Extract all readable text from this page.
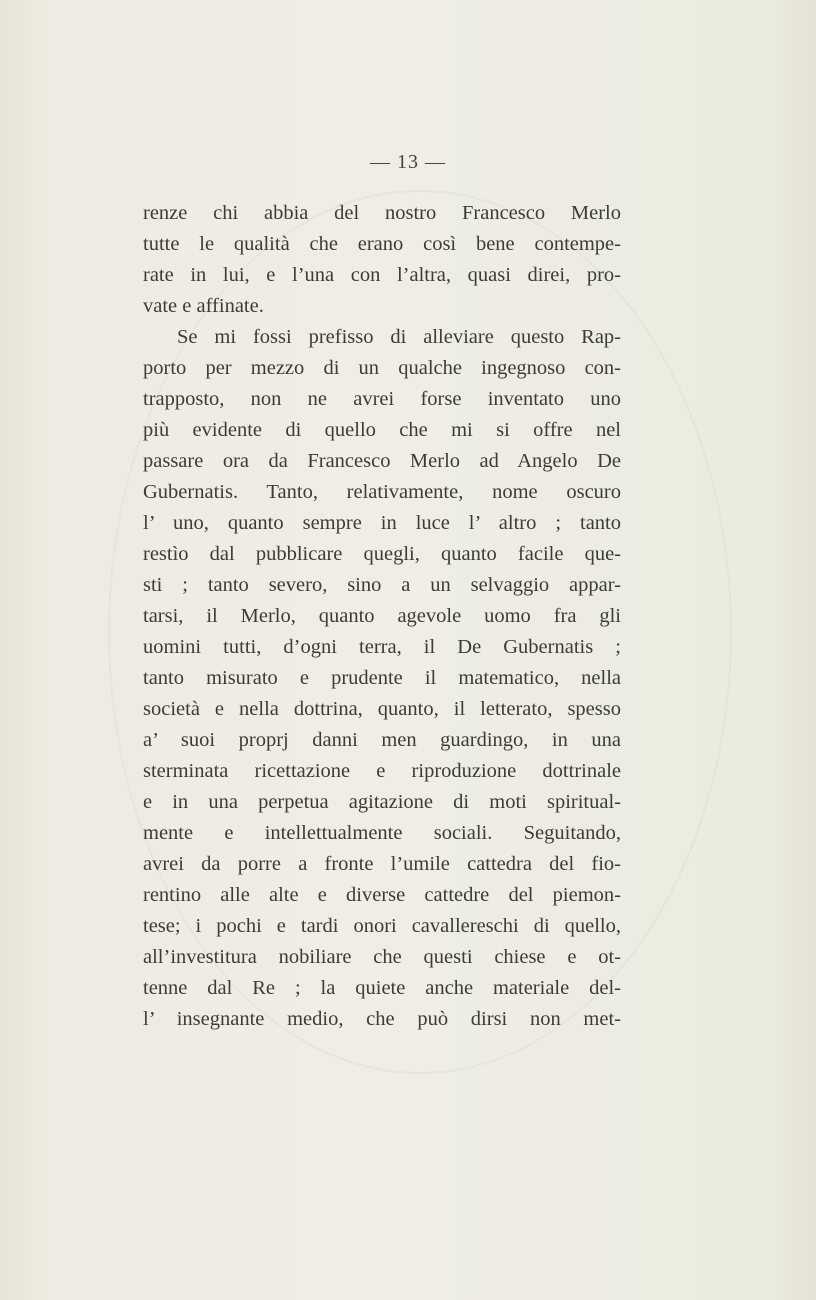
— 13 —
renze chi abbia del nostro Francesco Merlo
tutte le qualità che erano così bene contempe-
rate in lui, e l’una con l’altra, quasi direi, pro-
vate e affinate.
Se mi fossi prefisso di alleviare questo Rap-
porto per mezzo di un qualche ingegnoso con-
trapposto, non ne avrei forse inventato uno
più evidente di quello che mi si offre nel
passare ora da Francesco Merlo ad Angelo De
Gubernatis. Tanto, relativamente, nome oscuro
l’ uno, quanto sempre in luce l’ altro ; tanto
restìo dal pubblicare quegli, quanto facile que-
sti ; tanto severo, sino a un selvaggio appar-
tarsi, il Merlo, quanto agevole uomo fra gli
uomini tutti, d’ogni terra, il De Gubernatis ;
tanto misurato e prudente il matematico, nella
società e nella dottrina, quanto, il letterato, spesso
a’ suoi proprj danni men guardingo, in una
sterminata ricettazione e riproduzione dottrinale
e in una perpetua agitazione di moti spiritual-
mente e intellettualmente sociali. Seguitando,
avrei da porre a fronte l’umile cattedra del fio-
rentino alle alte e diverse cattedre del piemon-
tese; i pochi e tardi onori cavallereschi di quello,
all’investitura nobiliare che questi chiese e ot-
tenne dal Re ; la quiete anche materiale del-
l’ insegnante medio, che può dirsi non met-
